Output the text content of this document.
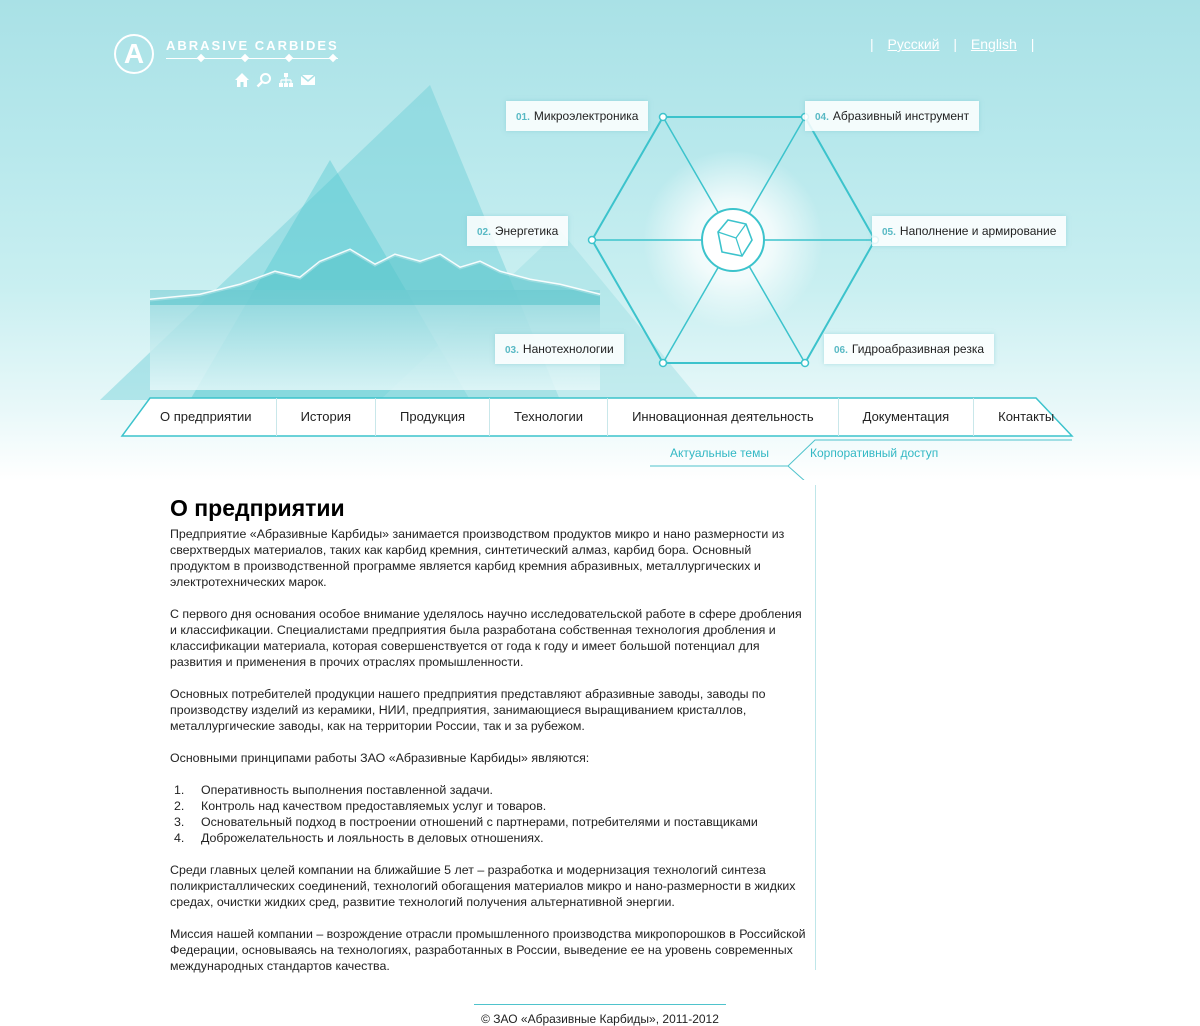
A	ABRASIVE CARBIDES	| Русский | English |
01. Микроэлектроника
02. Энергетика
03. Нанотехнологии
04. Абразивный инструмент
05. Наполнение и армирование
06. Гидроабразивная резка
О предприятии	История	Продукция	Технологии	Инновационная деятельность	Документация	Контакты
Актуальные темы	Корпоративный доступ
О предприятии

Предприятие «Абразивные Карбиды» занимается производством продуктов микро и нано размерности из сверхтвердых материалов, таких как карбид кремния, синтетический алмаз, карбид бора. Основный продуктом в производственной программе является карбид кремния абразивных, металлургических и электротехнических марок.

С первого дня основания особое внимание уделялось научно исследовательской работе в сфере дробления и классификации. Специалистами предприятия была разработана собственная технология дробления и классификации материала, которая совершенствуется от года к году и имеет большой потенциал для развития и применения в прочих отраслях промышленности.

Основных потребителей продукции нашего предприятия представляют абразивные заводы, заводы по производству изделий из керамики, НИИ, предприятия, занимающиеся выращиванием кристаллов, металлургические заводы, как на территории России, так и за рубежом.

Основными принципами работы ЗАО «Абразивные Карбиды» являются:

1.	Оперативность выполнения поставленной задачи.
2.	Контроль над качеством предоставляемых услуг и товаров.
3.	Основательный подход в построении отношений с партнерами, потребителями и поставщиками
4.	Доброжелательность и лояльность в деловых отношениях.

Среди главных целей компании на ближайшие 5 лет – разработка и модернизация технологий синтеза поликристаллических соединений, технологий обогащения материалов микро и нано-размерности в жидких средах, очистки жидких сред, развитие технологий получения альтернативной энергии.

Миссия нашей компании – возрождение отрасли промышленного производства микропорошков в Российской Федерации, основываясь на технологиях, разработанных в России, выведение ее на уровень современных международных стандартов качества.

© ЗАО «Абразивные Карбиды», 2011-2012
